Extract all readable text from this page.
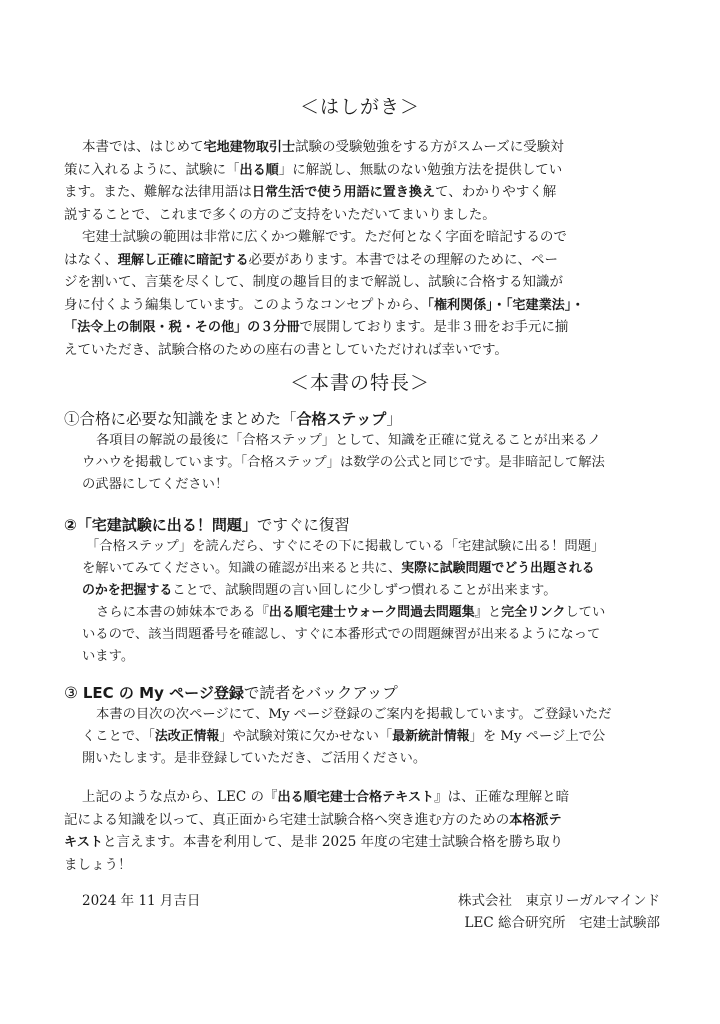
＜はしがき＞
本書では、はじめて宅地建物取引士試験の受験勉強をする方がスムーズに受験対
策に入れるように、試験に「出る順」に解説し、無駄のない勉強方法を提供してい
ます。また、難解な法律用語は日常生活で使う用語に置き換えて、わかりやすく解
説することで、これまで多くの方のご支持をいただいてまいりました。
宅建士試験の範囲は非常に広くかつ難解です。ただ何となく字面を暗記するので
はなく、理解し正確に暗記する必要があります。本書ではその理解のために、ペー
ジを割いて、言葉を尽くして、制度の趣旨目的まで解説し、試験に合格する知識が
身に付くよう編集しています。このようなコンセプトから、「権利関係」・「宅建業法」・
「法令上の制限・税・その他」の３分冊で展開しております。是非３冊をお手元に揃
えていただき、試験合格のための座右の書としていただければ幸いです。
＜本書の特長＞
①合格に必要な知識をまとめた「合格ステップ」
各項目の解説の最後に「合格ステップ」として、知識を正確に覚えることが出来るノ
ウハウを掲載しています。「合格ステップ」は数学の公式と同じです。是非暗記して解法
の武器にしてください！
②「宅建試験に出る！問題」ですぐに復習
「合格ステップ」を読んだら、すぐにその下に掲載している「宅建試験に出る！問題」
を解いてみてください。知識の確認が出来ると共に、実際に試験問題でどう出題される
のかを把握することで、試験問題の言い回しに少しずつ慣れることが出来ます。
さらに本書の姉妹本である『出る順宅建士ウォーク問過去問題集』と完全リンクしてい
いるので、該当問題番号を確認し、すぐに本番形式での問題練習が出来るようになって
います。
③ LEC の My ページ登録で読者をバックアップ
本書の目次の次ページにて、My ページ登録のご案内を掲載しています。ご登録いただ
くことで、「法改正情報」や試験対策に欠かせない「最新統計情報」を My ページ上で公
開いたします。是非登録していただき、ご活用ください。
上記のような点から、LEC の『出る順宅建士合格テキスト』は、正確な理解と暗
記による知識を以って、真正面から宅建士試験合格へ突き進む方のための本格派テ
キストと言えます。本書を利用して、是非 2025 年度の宅建士試験合格を勝ち取り
ましょう！
2024 年 11 月吉日	株式会社　東京リーガルマインド
LEC 総合研究所　宅建士試験部
